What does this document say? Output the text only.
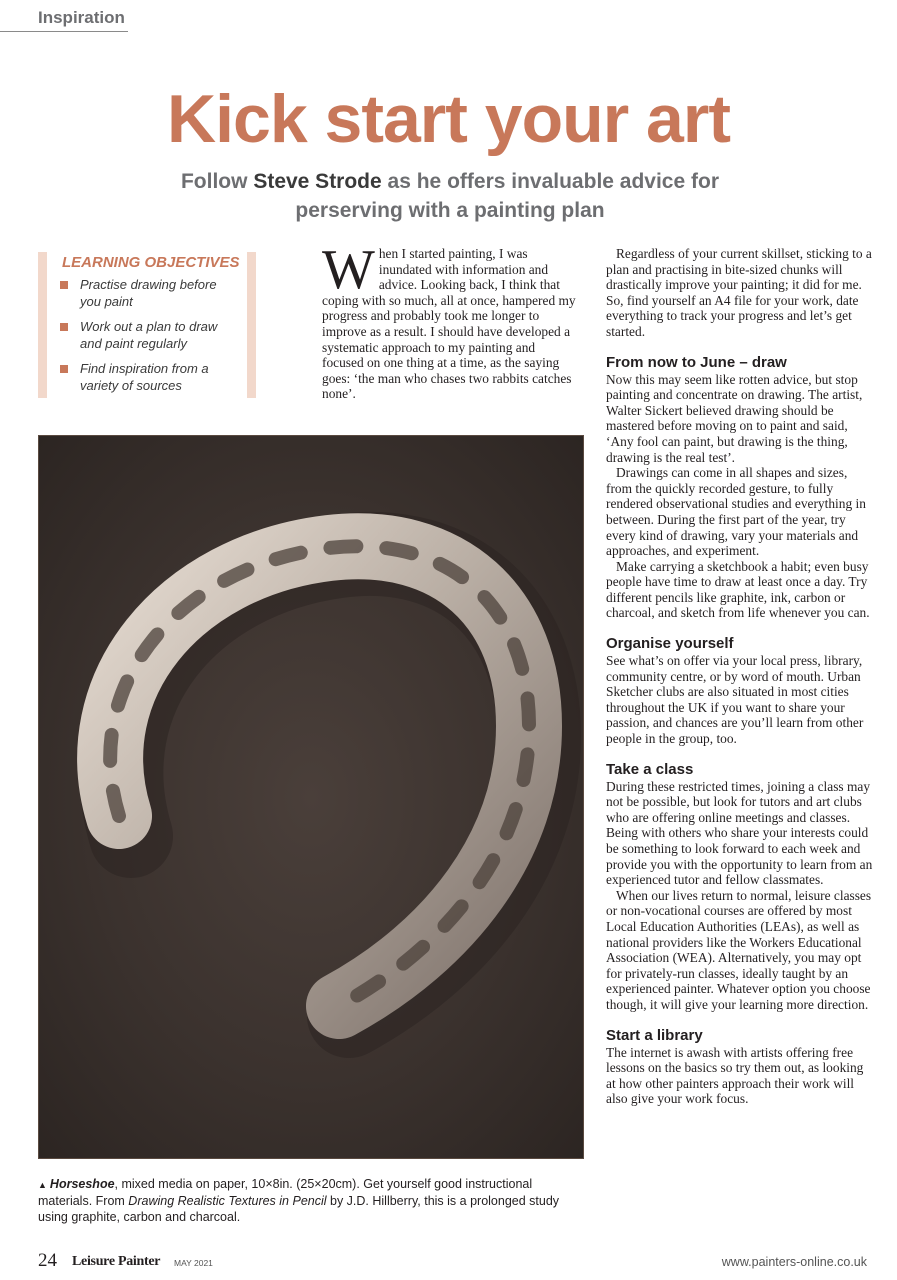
Inspiration
Kick start your art
Follow Steve Strode as he offers invaluable advice for perserving with a painting plan
LEARNING OBJECTIVES
Practise drawing before you paint
Work out a plan to draw and paint regularly
Find inspiration from a variety of sources
When I started painting, I was inundated with information and advice. Looking back, I think that coping with so much, all at once, hampered my progress and probably took me longer to improve as a result. I should have developed a systematic approach to my painting and focused on one thing at a time, as the saying goes: ‘the man who chases two rabbits catches none’.

Regardless of your current skillset, sticking to a plan and practising in bite-sized chunks will drastically improve your painting; it did for me. So, find yourself an A4 file for your work, date everything to track your progress and let’s get started.

From now to June – draw

Now this may seem like rotten advice, but stop painting and concentrate on drawing. The artist, Walter Sickert believed drawing should be mastered before moving on to paint and said, ‘Any fool can paint, but drawing is the thing, drawing is the real test’.

Drawings can come in all shapes and sizes, from the quickly recorded gesture, to fully rendered observational studies and everything in between. During the first part of the year, try every kind of drawing, vary your materials and approaches, and experiment.

Make carrying a sketchbook a habit; even busy people have time to draw at least once a day. Try different pencils like graphite, ink, carbon or charcoal, and sketch from life whenever you can.

Organise yourself

See what’s on offer via your local press, library, community centre, or by word of mouth. Urban Sketcher clubs are also situated in most cities throughout the UK if you want to share your passion, and chances are you’ll learn from other people in the group, too.

Take a class

During these restricted times, joining a class may not be possible, but look for tutors and art clubs who are offering online meetings and classes. Being with others who share your interests could be something to look forward to each week and provide you with the opportunity to learn from an experienced tutor and fellow classmates.

When our lives return to normal, leisure classes or non-vocational courses are offered by most Local Education Authorities (LEAs), as well as national providers like the Workers Educational Association (WEA). Alternatively, you may opt for privately-run classes, ideally taught by an experienced painter. Whatever option you choose though, it will give your learning more direction.

Start a library

The internet is awash with artists offering free lessons on the basics so try them out, as looking at how other painters approach their work will also give your work focus.

▲ Horseshoe, mixed media on paper, 10×8in. (25×20cm). Get yourself good instructional materials. From Drawing Realistic Textures in Pencil by J.D. Hillberry, this is a prolonged study using graphite, carbon and charcoal.
24 Leisure Painter MAY 2021	www.painters-online.co.uk
